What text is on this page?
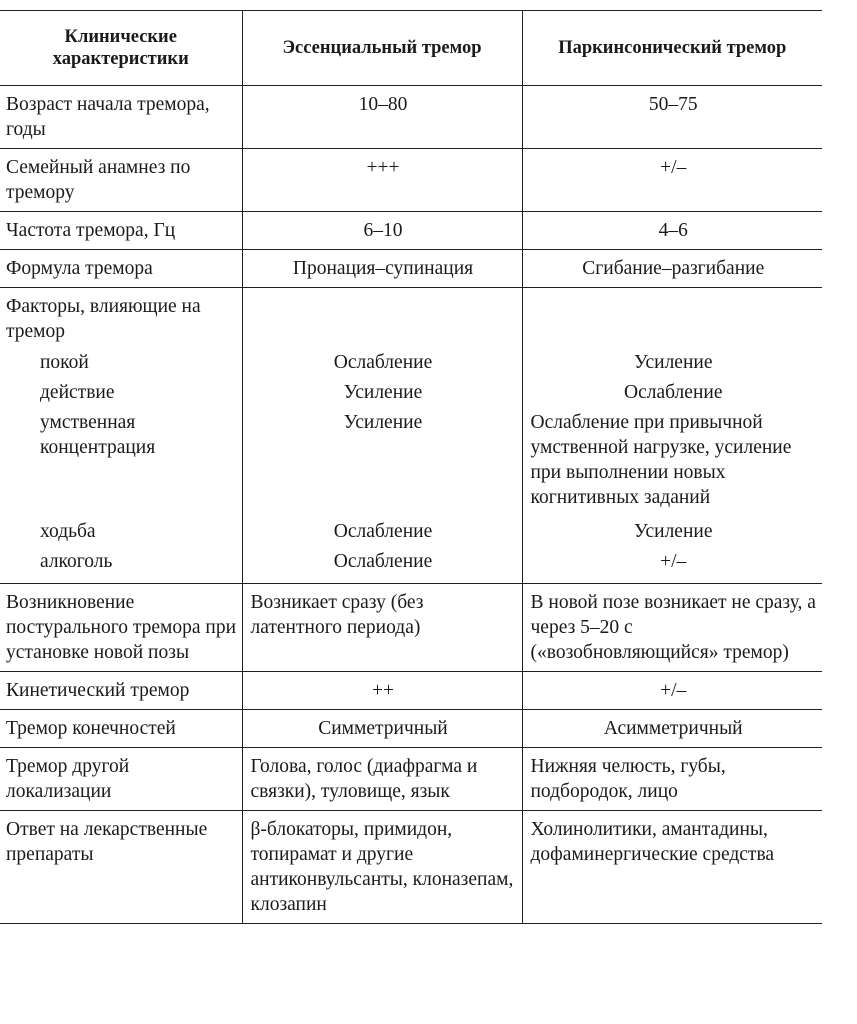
Клинические характеристики	Эссенциальный тремор	Паркинсонический тремор
Возраст начала тремора, годы	10–80	50–75
Семейный анамнез по тремору	+++	+/–
Частота тремора, Гц	6–10	4–6
Формула тремора	Пронация–супинация	Сгибание–разгибание
Факторы, влияющие на тремор		
покой	Ослабление	Усиление
действие	Усиление	Ослабление
умственная концентрация	Усиление	Ослабление при привычной умственной нагрузке, усиление при выполнении новых когнитивных заданий
ходьба	Ослабление	Усиление
алкоголь	Ослабление	+/–
Возникновение постурального тремора при установке новой позы	Возникает сразу (без латентного периода)	В новой позе возникает не сразу, а через 5–20 с («возобновляющийся» тремор)
Кинетический тремор	++	+/–
Тремор конечностей	Симметричный	Асимметричный
Тремор другой локализации	Голова, голос (диафрагма и связки), туловище, язык	Нижняя челюсть, губы, подбородок, лицо
Ответ на лекарственные препараты	β-блокаторы, примидон, топирамат и другие антиконвульсанты, клоназепам, клозапин	Холинолитики, амантадины, дофаминергические средства
